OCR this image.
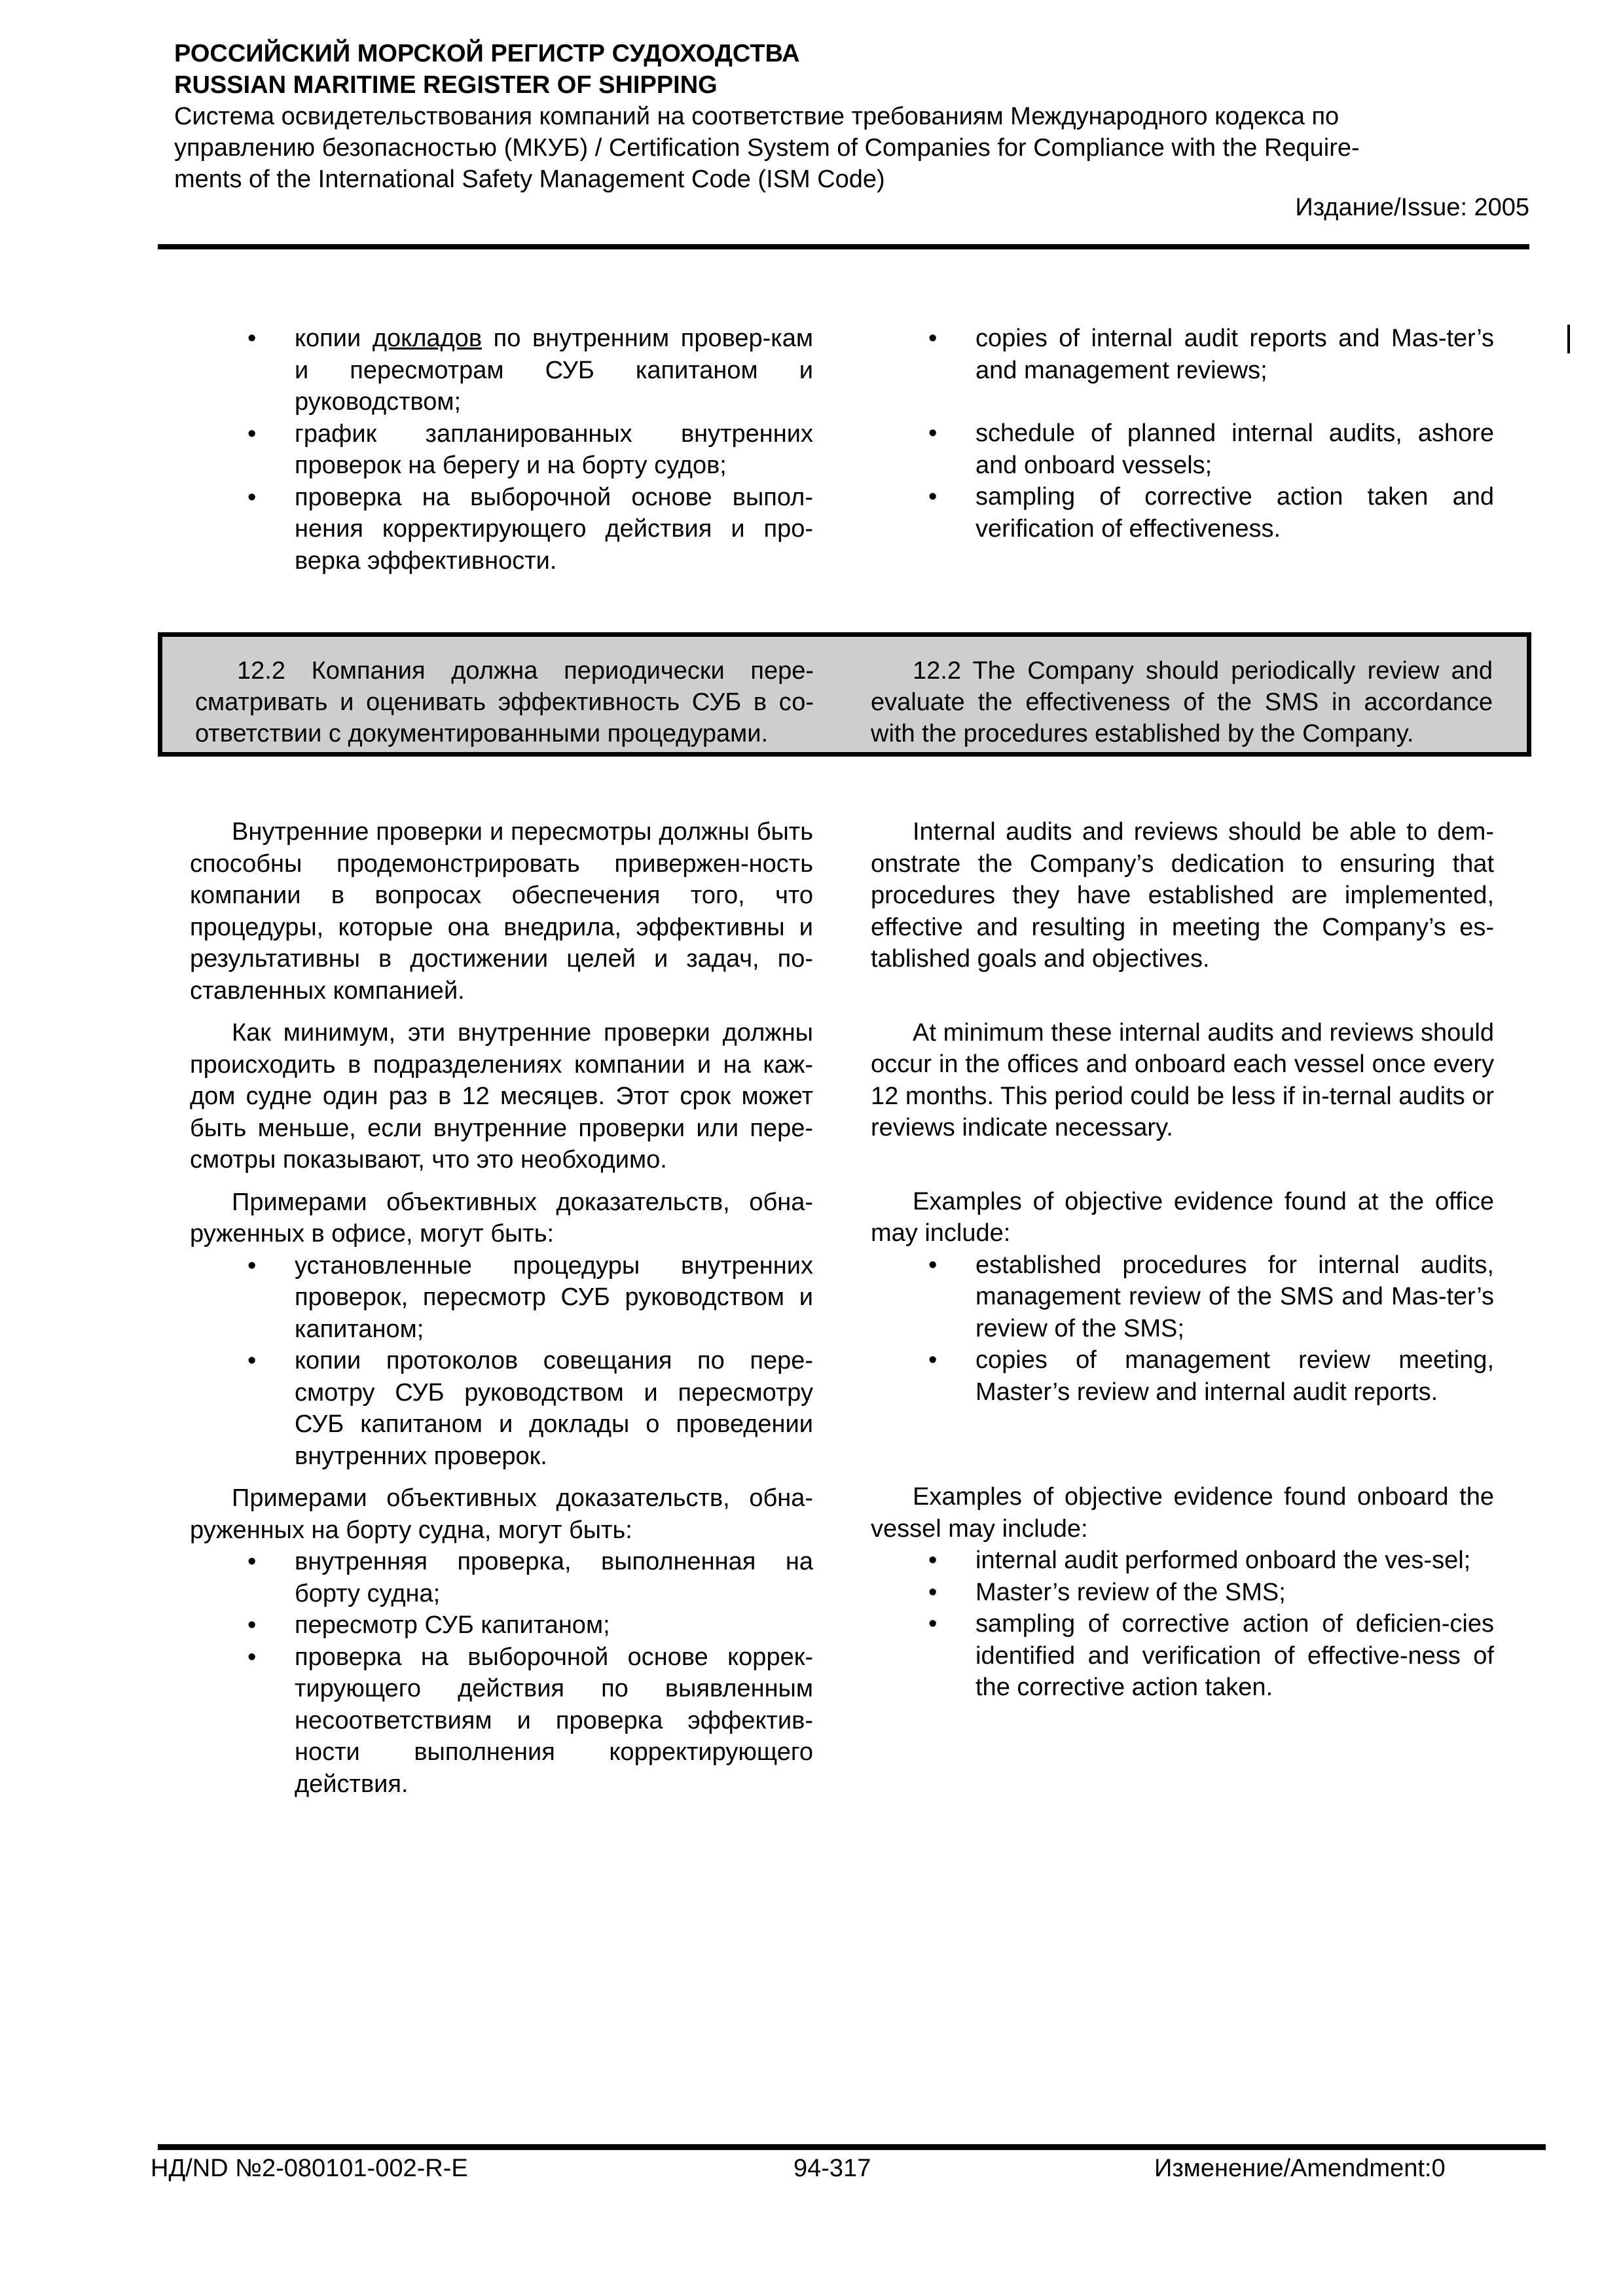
РОССИЙСКИЙ МОРСКОЙ РЕГИСТР СУДОХОДСТВА
RUSSIAN MARITIME REGISTER OF SHIPPING
Система освидетельствования компаний на соответствие требованиям Международного кодекса по
управлению безопасностью (МКУБ) / Certification System of Companies for Compliance with the Require-
ments of the International Safety Management Code (ISM Code)
Издание/Issue: 2005
• копии докладов по внутренним провер-кам и пересмотрам СУБ капитаном и руководством;
• график запланированных внутренних проверок на берегу и на борту судов;
• проверка на выборочной основе выпол-нения корректирующего действия и про-верка эффективности.
• copies of internal audit reports and Mas-ter’s and management reviews;
• schedule of planned internal audits, ashore and onboard vessels;
• sampling of corrective action taken and verification of effectiveness.
12.2 Компания должна периодически пере-сматривать и оценивать эффективность СУБ в со-ответствии с документированными процедурами.
12.2 The Company should periodically review and evaluate the effectiveness of the SMS in accordance with the procedures established by the Company.

Внутренние проверки и пересмотры должны быть способны продемонстрировать привержен-ность компании в вопросах обеспечения того, что процедуры, которые она внедрила, эффективны и результативны в достижении целей и задач, по-ставленных компанией.

Как минимум, эти внутренние проверки должны происходить в подразделениях компании и на каж-дом судне один раз в 12 месяцев. Этот срок может быть меньше, если внутренние проверки или пере-смотры показывают, что это необходимо.

Примерами объективных доказательств, обна-руженных в офисе, могут быть:

• установленные процедуры внутренних проверок, пересмотр СУБ руководством и капитаном;
• копии протоколов совещания по пере-смотру СУБ руководством и пересмотру СУБ капитаном и доклады о проведении внутренних проверок.

Примерами объективных доказательств, обна-руженных на борту судна, могут быть:

• внутренняя проверка, выполненная на борту судна;
• пересмотр СУБ капитаном;
• проверка на выборочной основе коррек-тирующего действия по выявленным несоответствиям и проверка эффектив-ности выполнения корректирующего действия.

Internal audits and reviews should be able to dem-onstrate the Company’s dedication to ensuring that procedures they have established are implemented, effective and resulting in meeting the Company’s es-tablished goals and objectives.

At minimum these internal audits and reviews should occur in the offices and onboard each vessel once every 12 months. This period could be less if in-ternal audits or reviews indicate necessary.

Examples of objective evidence found at the office may include:

• established procedures for internal audits, management review of the SMS and Mas-ter’s review of the SMS;
• copies of management review meeting, Master’s review and internal audit reports.

Examples of objective evidence found onboard the vessel may include:

• internal audit performed onboard the ves-sel;
• Master’s review of the SMS;
• sampling of corrective action of deficien-cies identified and verification of effective-ness of the corrective action taken.
НД/ND №2-080101-002-R-E	94-317	Изменение/Amendment:0
